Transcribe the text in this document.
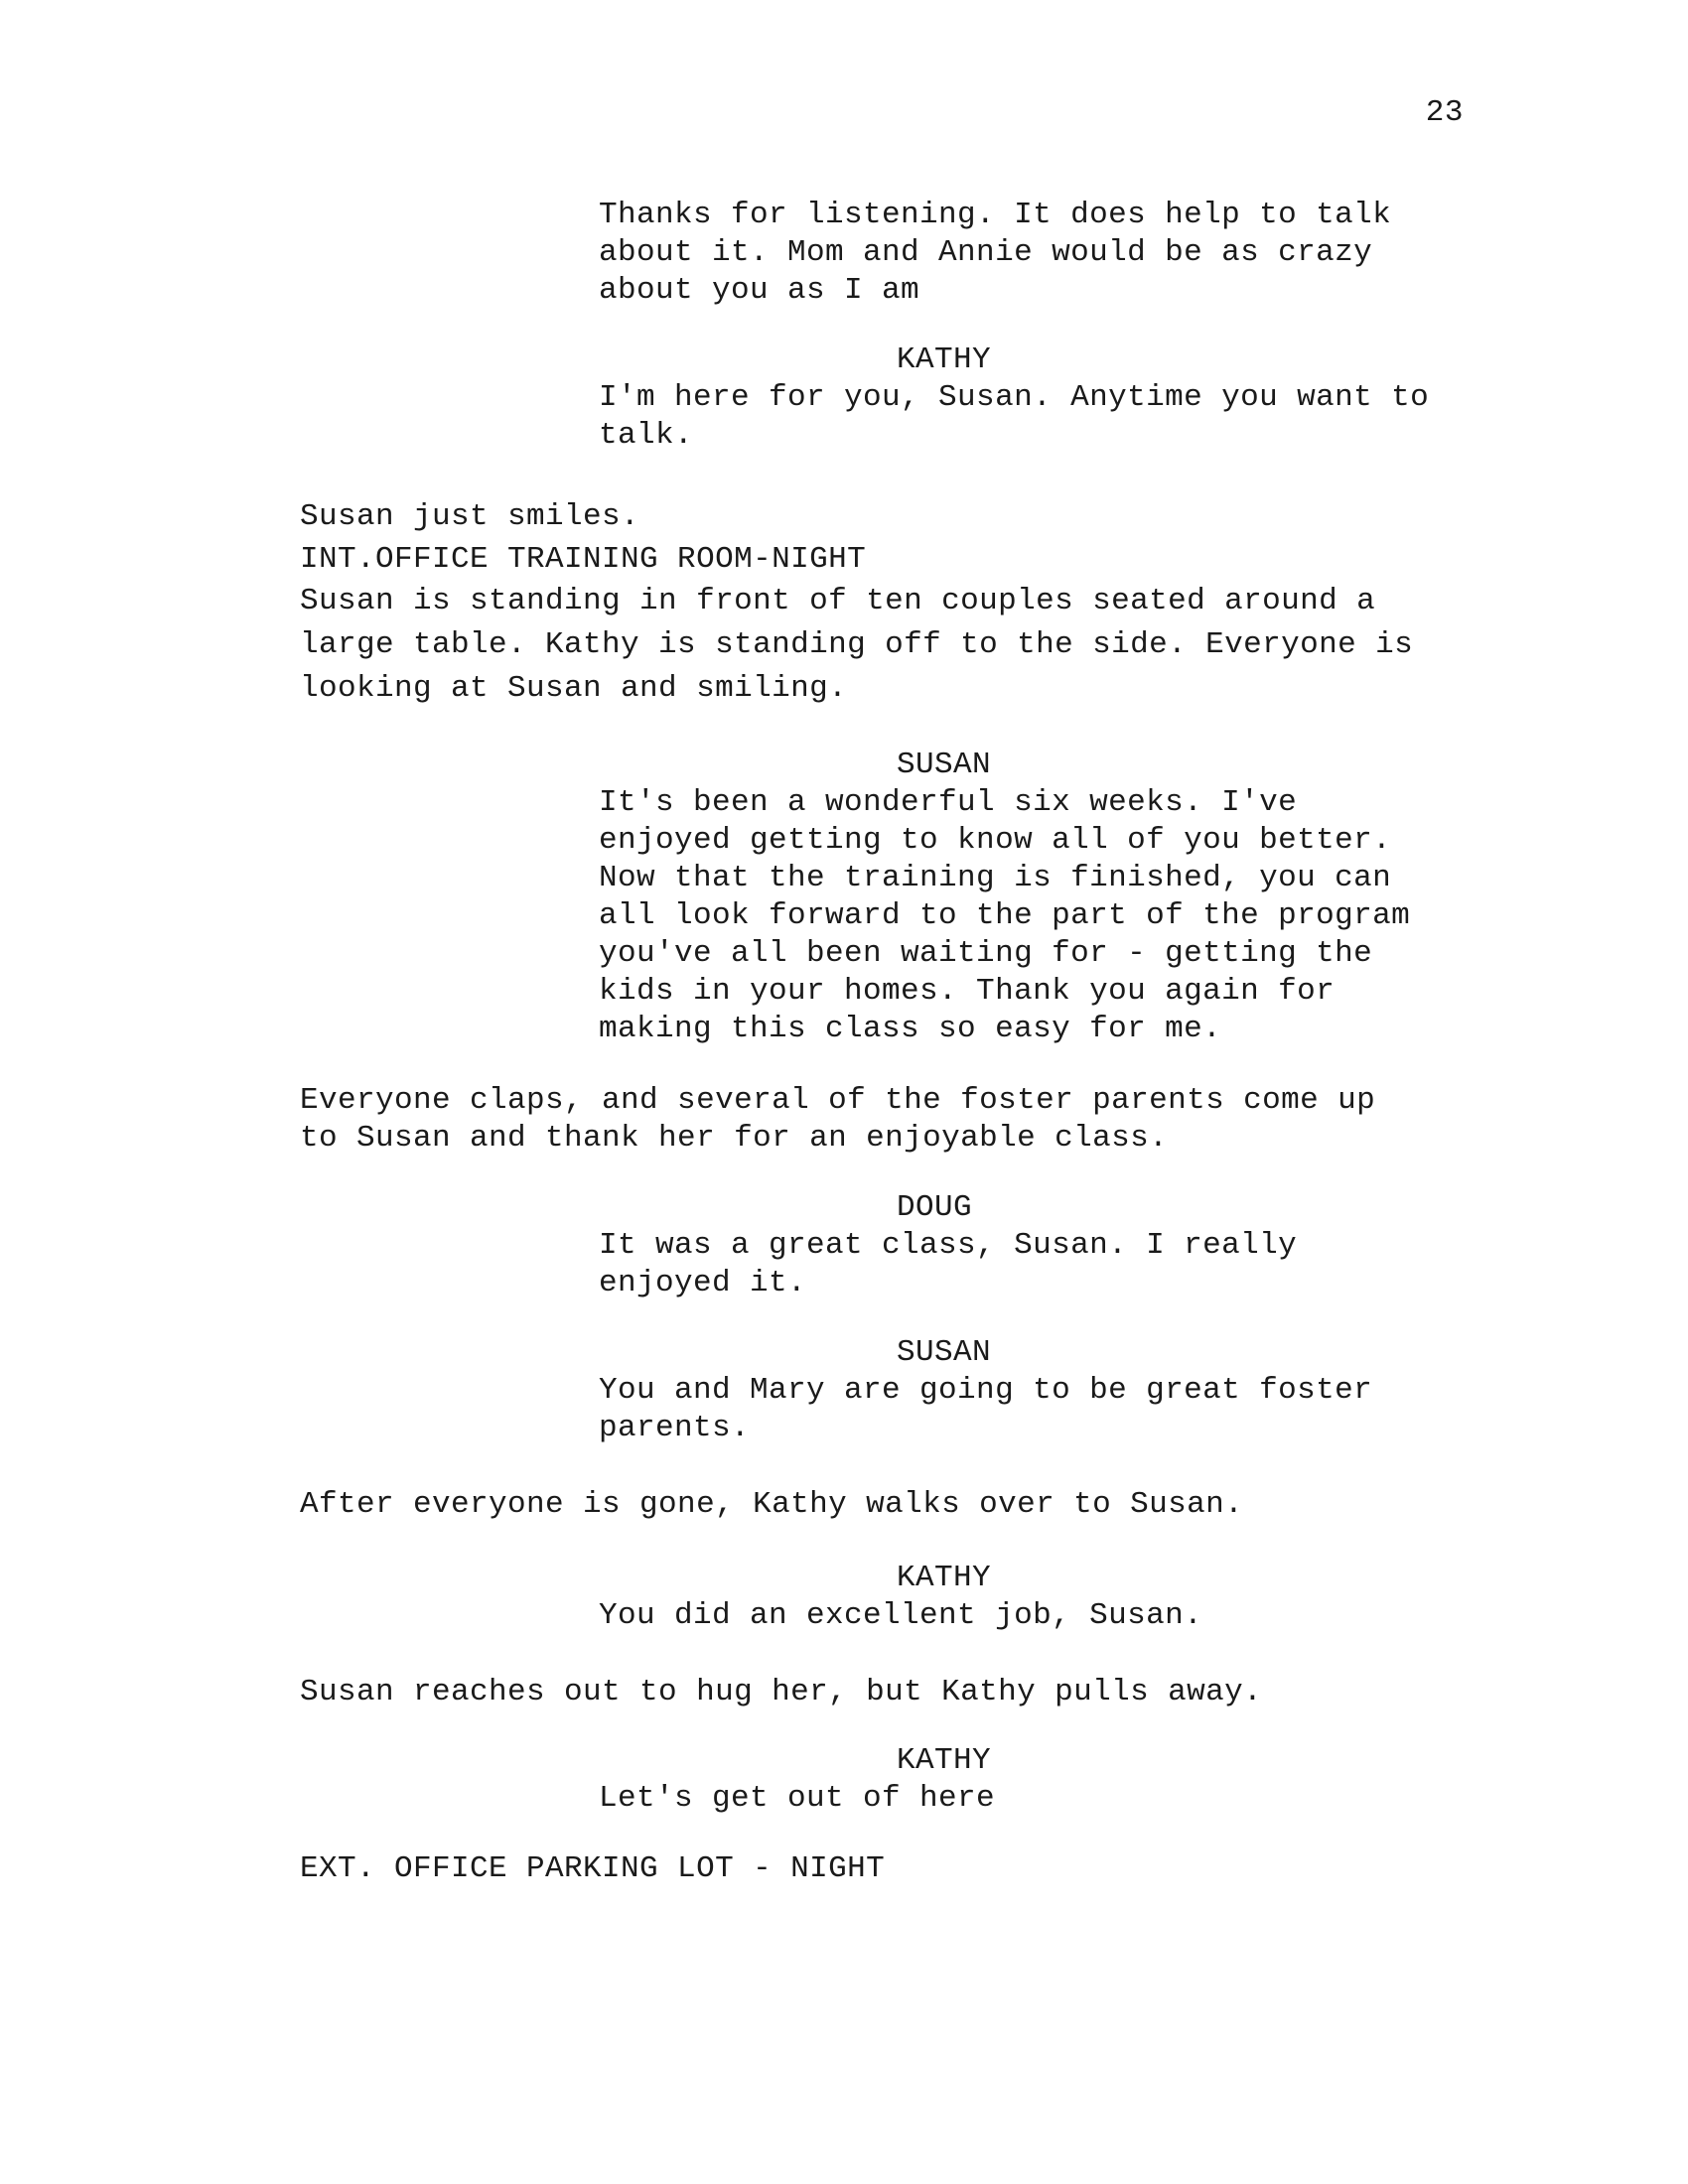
23
Thanks for listening. It does help to talk
about it. Mom and Annie would be as crazy
about you as I am
KATHY
I'm here for you, Susan. Anytime you want to
talk.
Susan just smiles.
INT.OFFICE TRAINING ROOM-NIGHT
Susan is standing in front of ten couples seated around a
large table. Kathy is standing off to the side. Everyone is
looking at Susan and smiling.
SUSAN
It's been a wonderful six weeks. I've
enjoyed getting to know all of you better.
Now that the training is finished, you can
all look forward to the part of the program
you've all been waiting for - getting the
kids in your homes. Thank you again for
making this class so easy for me.
Everyone claps, and several of the foster parents come up
to Susan and thank her for an enjoyable class.
DOUG
It was a great class, Susan. I really
enjoyed it.
SUSAN
You and Mary are going to be great foster
parents.
After everyone is gone, Kathy walks over to Susan.
KATHY
You did an excellent job, Susan.
Susan reaches out to hug her, but Kathy pulls away.
KATHY
Let's get out of here
EXT. OFFICE PARKING LOT - NIGHT
